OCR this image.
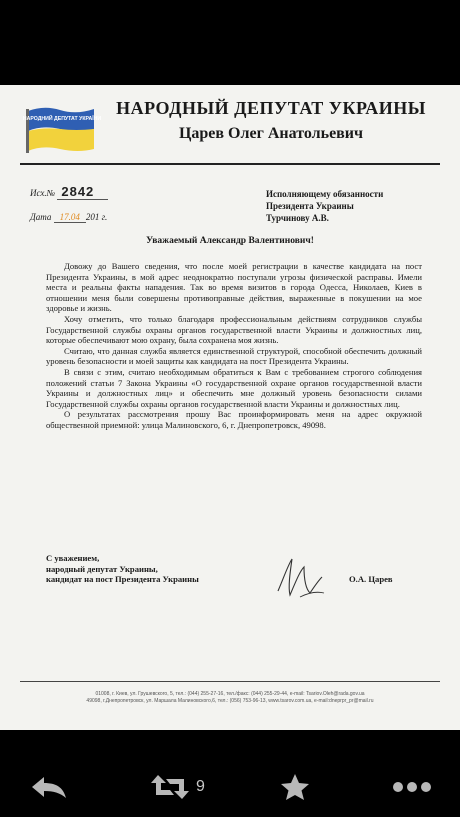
НАРОДНИЙ ДЕПУТАТ УКРАЇНИ
НАРОДНЫЙ ДЕПУТАТ УКРАИНЫ
Царев Олег Анатольевич
Исх.№ 2842
Дата 17.04 201 г.
Исполняющему обязанности
Президента Украины
Турчинову А.В.
Уважаемый Александр Валентинович!

Довожу до Вашего сведения, что после моей регистрации в качестве кандидата на пост Президента Украины, в мой адрес неоднократно поступали угрозы физической расправы. Имели места и реальны факты нападения. Так во время визитов в города Одесса, Николаев, Киев в отношении меня были совершены противоправные действия, выраженные в покушении на мое здоровье и жизнь.

Хочу отметить, что только благодаря профессиональным действиям сотрудников службы Государственной службы охраны органов государственной власти Украины и должностных лиц, которые обеспечивают мою охрану, была сохранена моя жизнь.

Считаю, что данная служба является единственной структурой, способной обеспечить должный уровень безопасности и моей защиты как кандидата на пост Президента Украины.

В связи с этим, считаю необходимым обратиться к Вам с требованием строгого соблюдения положений статьи 7 Закона Украины «О государственной охране органов государственной власти Украины и должностных лиц» и обеспечить мне должный уровень безопасности силами Государственной службы охраны органов государственной власти Украины и должностных лиц.

О результатах рассмотрения прошу Вас проинформировать меня на адрес окружной общественной приемной: улица Малиновского, 6, г. Днепропетровск, 49098.

С уважением,
народный депутат Украины,
кандидат на пост Президента Украины	О.А. Царев
01008, г. Киев, ул. Грушевского, 5, тел.: (044) 255-27-16, тел./факс: (044) 255-29-44, e-mail: Tsariov.Oleh@rada.gov.ua
49098, г.Днепропетровск, ул. Маршала Малиновского,6, тел.: (056) 753-96-13, www.tsarov.com.ua, e-mail:dneprpr_pr@mail.ru
9
